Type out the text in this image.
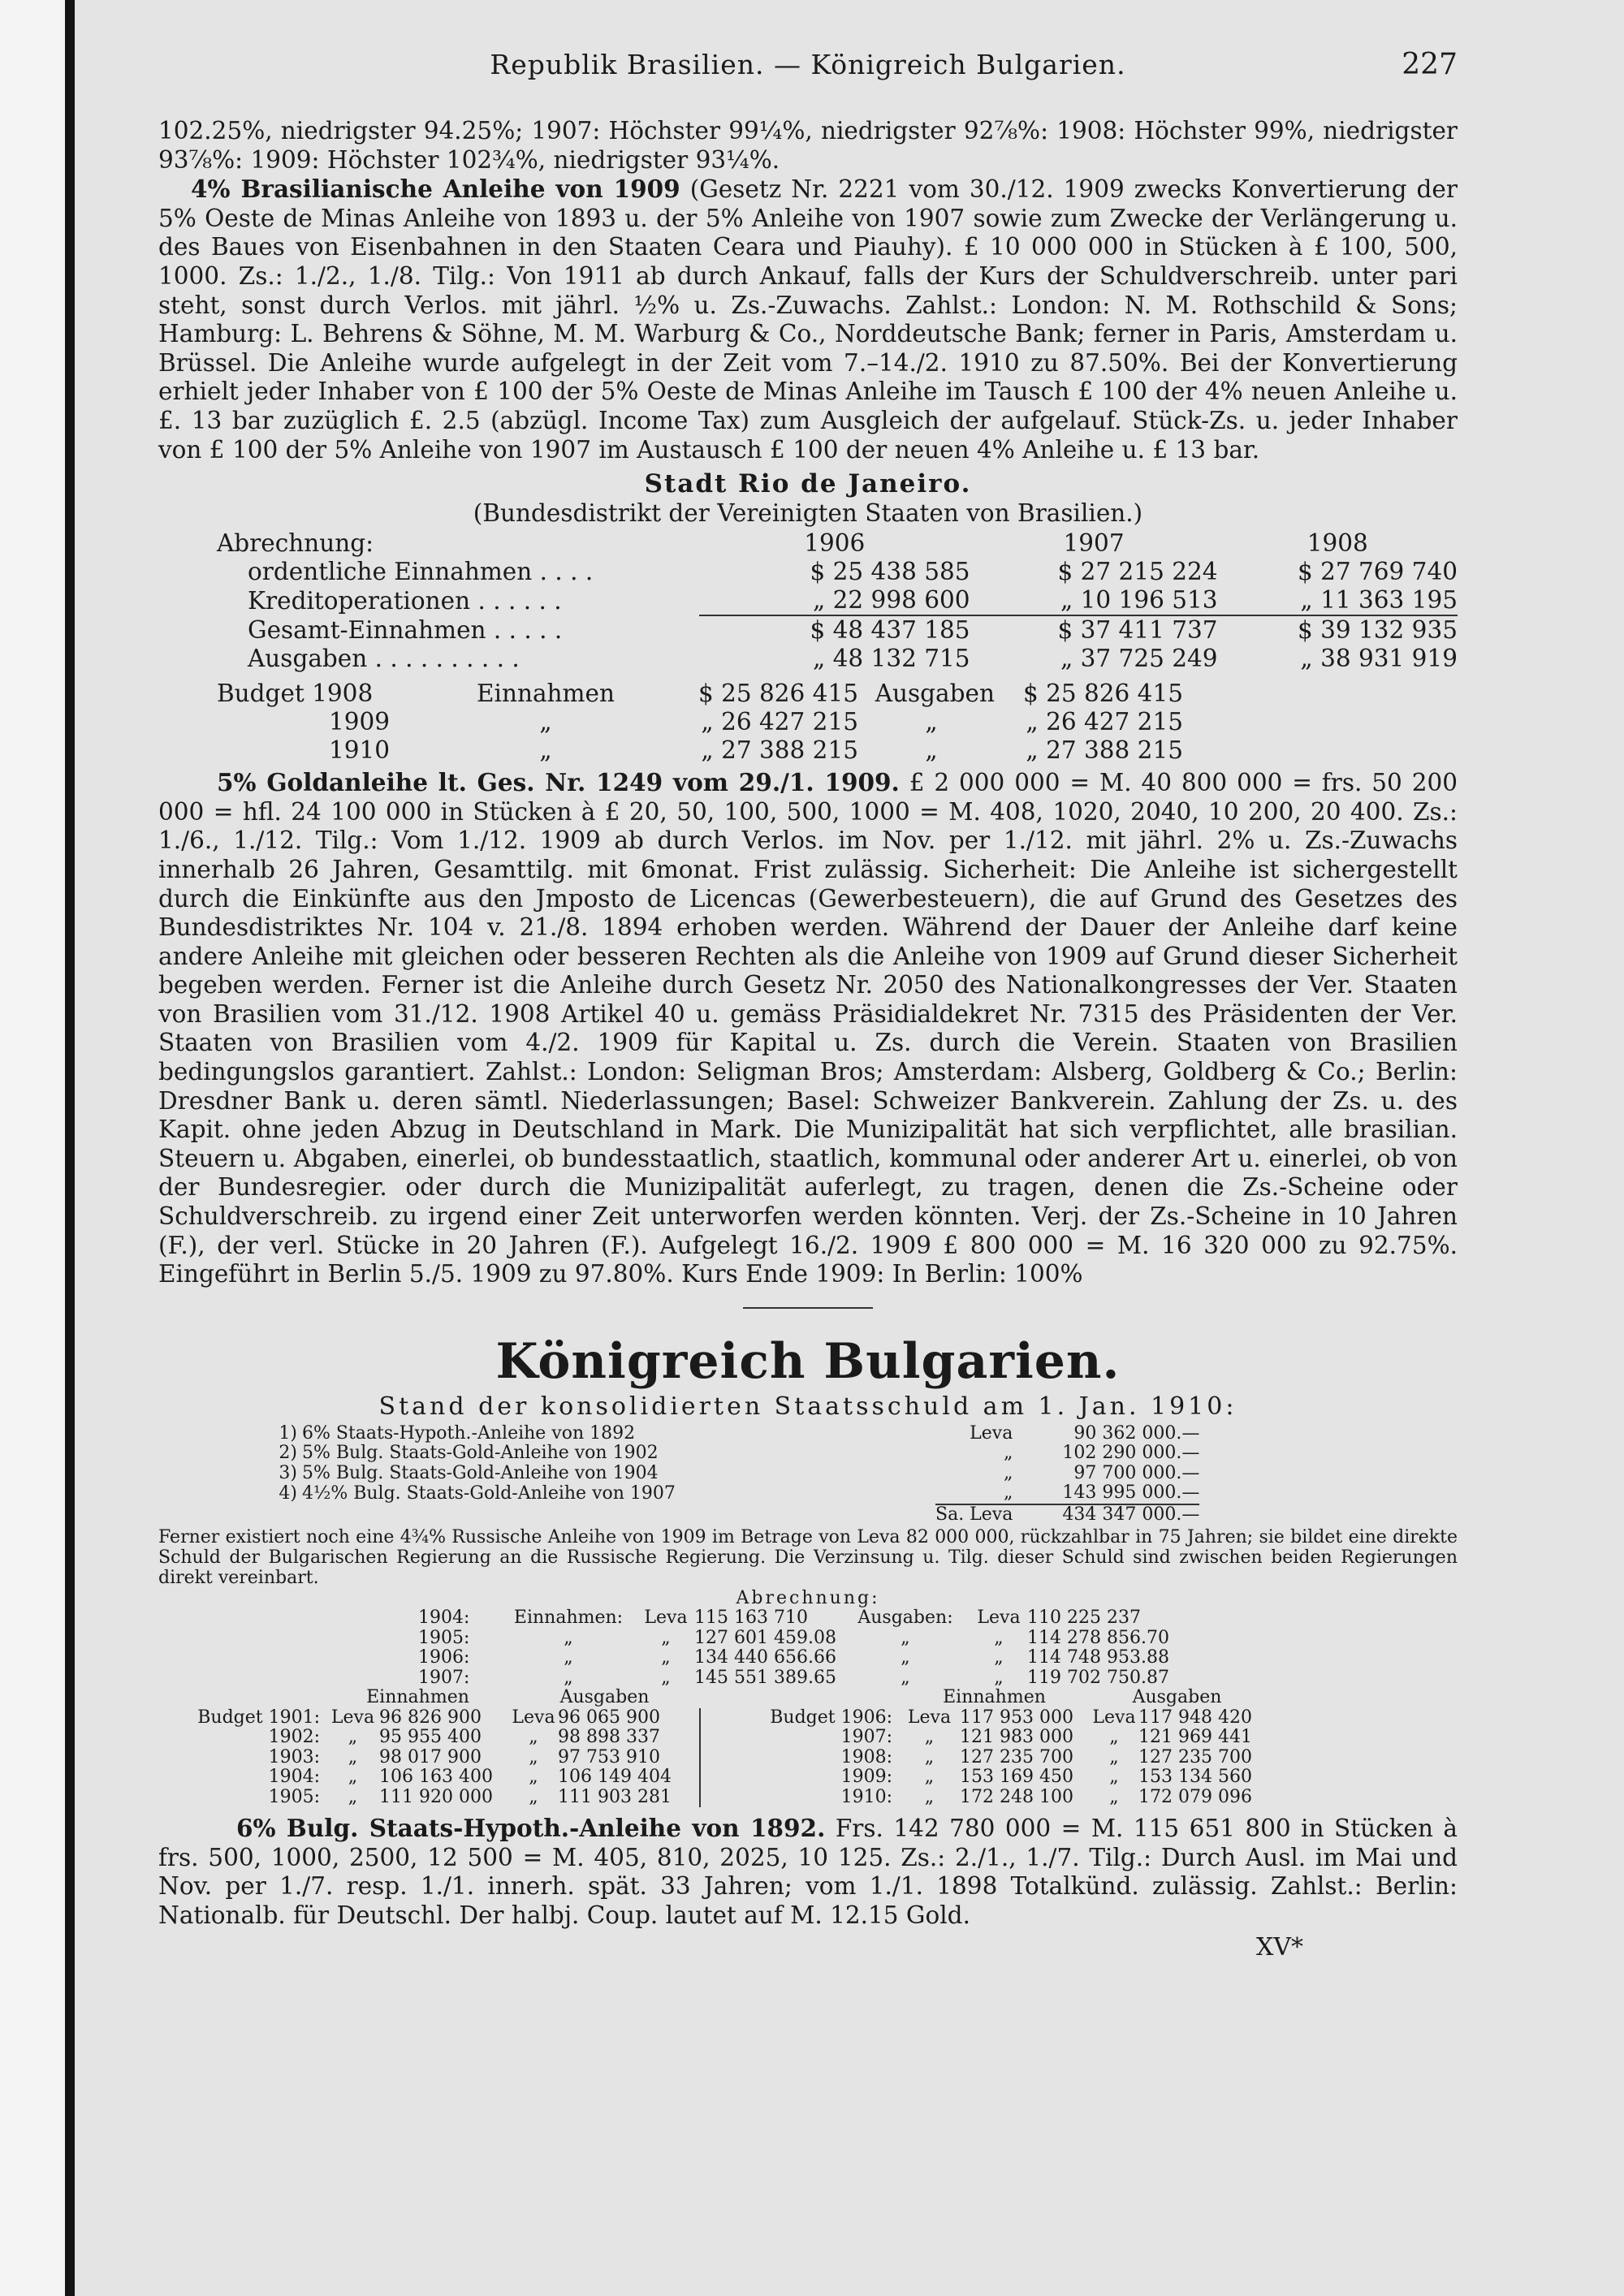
Republik Brasilien. — Königreich Bulgarien.	227

102.25%, niedrigster 94.25%; 1907: Höchster 99¼%, niedrigster 92⅞%: 1908: Höchster 99%, niedrigster 93⅞%: 1909: Höchster 102¾%, niedrigster 93¼%.

4% Brasilianische Anleihe von 1909 (Gesetz Nr. 2221 vom 30./12. 1909 zwecks Konvertierung der 5% Oeste de Minas Anleihe von 1893 u. der 5% Anleihe von 1907 sowie zum Zwecke der Verlängerung u. des Baues von Eisenbahnen in den Staaten Ceara und Piauhy). £ 10 000 000 in Stücken à £ 100, 500, 1000. Zs.: 1./2., 1./8. Tilg.: Von 1911 ab durch Ankauf, falls der Kurs der Schuldverschreib. unter pari steht, sonst durch Verlos. mit jährl. ½% u. Zs.-Zuwachs. Zahlst.: London: N. M. Rothschild & Sons; Hamburg: L. Behrens & Söhne, M. M. Warburg & Co., Norddeutsche Bank; ferner in Paris, Amsterdam u. Brüssel. Die Anleihe wurde aufgelegt in der Zeit vom 7.–14./2. 1910 zu 87.50%. Bei der Konvertierung erhielt jeder Inhaber von £ 100 der 5% Oeste de Minas Anleihe im Tausch £ 100 der 4% neuen Anleihe u. £. 13 bar zuzüglich £. 2.5 (abzügl. Income Tax) zum Ausgleich der aufgelauf. Stück-Zs. u. jeder Inhaber von £ 100 der 5% Anleihe von 1907 im Austausch £ 100 der neuen 4% Anleihe u. £ 13 bar.

Stadt Rio de Janeiro.
(Bundesdistrikt der Vereinigten Staaten von Brasilien.)
Abrechnung:	1906	1907	1908
ordentliche Einnahmen . . . .	$ 25 438 585	$ 27 215 224	$ 27 769 740
Kreditoperationen . . . . . .	„ 22 998 600	„ 10 196 513	„ 11 363 195
Gesamt-Einnahmen . . . . .	$ 48 437 185	$ 37 411 737	$ 39 132 935
Ausgaben . . . . . . . . . .	„ 48 132 715	„ 37 725 249	„ 38 931 919
Budget 1908	Einnahmen	$ 25 826 415	Ausgaben	$ 25 826 415
1909	„	„ 26 427 215	„	„ 26 427 215
1910	„	„ 27 388 215	„	„ 27 388 215

5% Goldanleihe lt. Ges. Nr. 1249 vom 29./1. 1909. £ 2 000 000 = M. 40 800 000 = frs. 50 200 000 = hfl. 24 100 000 in Stücken à £ 20, 50, 100, 500, 1000 = M. 408, 1020, 2040, 10 200, 20 400. Zs.: 1./6., 1./12. Tilg.: Vom 1./12. 1909 ab durch Verlos. im Nov. per 1./12. mit jährl. 2% u. Zs.-Zuwachs innerhalb 26 Jahren, Gesamttilg. mit 6monat. Frist zulässig. Sicherheit: Die Anleihe ist sichergestellt durch die Einkünfte aus den Jmposto de Licencas (Gewerbesteuern), die auf Grund des Gesetzes des Bundesdistriktes Nr. 104 v. 21./8. 1894 erhoben werden. Während der Dauer der Anleihe darf keine andere Anleihe mit gleichen oder besseren Rechten als die Anleihe von 1909 auf Grund dieser Sicherheit begeben werden. Ferner ist die Anleihe durch Gesetz Nr. 2050 des Nationalkongresses der Ver. Staaten von Brasilien vom 31./12. 1908 Artikel 40 u. gemäss Präsidialdekret Nr. 7315 des Präsidenten der Ver. Staaten von Brasilien vom 4./2. 1909 für Kapital u. Zs. durch die Verein. Staaten von Brasilien bedingungslos garantiert. Zahlst.: London: Seligman Bros; Amsterdam: Alsberg, Goldberg & Co.; Berlin: Dresdner Bank u. deren sämtl. Niederlassungen; Basel: Schweizer Bankverein. Zahlung der Zs. u. des Kapit. ohne jeden Abzug in Deutschland in Mark. Die Munizipalität hat sich verpflichtet, alle brasilian. Steuern u. Abgaben, einerlei, ob bundesstaatlich, staatlich, kommunal oder anderer Art u. einerlei, ob von der Bundesregier. oder durch die Munizipalität auferlegt, zu tragen, denen die Zs.-Scheine oder Schuldverschreib. zu irgend einer Zeit unterworfen werden könnten. Verj. der Zs.-Scheine in 10 Jahren (F.), der verl. Stücke in 20 Jahren (F.). Aufgelegt 16./2. 1909 £ 800 000 = M. 16 320 000 zu 92.75%. Eingeführt in Berlin 5./5. 1909 zu 97.80%. Kurs Ende 1909: In Berlin: 100%

Königreich Bulgarien.
Stand der konsolidierten Staatsschuld am 1. Jan. 1910:
1)	6% Staats-Hypoth.-Anleihe von 1892	Leva	90 362 000.—
2)	5% Bulg. Staats-Gold-Anleihe von 1902	„	102 290 000.—
3)	5% Bulg. Staats-Gold-Anleihe von 1904	„	97 700 000.—
4)	4½% Bulg. Staats-Gold-Anleihe von 1907	„	143 995 000.—
		Sa. Leva	434 347 000.—

Ferner existiert noch eine 4¾% Russische Anleihe von 1909 im Betrage von Leva 82 000 000, rückzahlbar in 75 Jahren; sie bildet eine direkte Schuld der Bulgarischen Regierung an die Russische Regierung. Die Verzinsung u. Tilg. dieser Schuld sind zwischen beiden Regierungen direkt vereinbart.

Abrechnung:
1904:	Einnahmen:	Leva	115 163 710	Ausgaben:	Leva	110 225 237
1905:	„	„	127 601 459.08	„	„	114 278 856.70
1906:	„	„	134 440 656.66	„	„	114 748 953.88
1907:	„	„	145 551 389.65	„	„	119 702 750.87
	Einnahmen		Ausgaben			Einnahmen		Ausgaben	
Budget 1901:	Leva	96 826 900	Leva	96 065 900	Budget 1906:	Leva	117 953 000	Leva	117 948 420
1902:	„	95 955 400	„	98 898 337	1907:	„	121 983 000	„	121 969 441
1903:	„	98 017 900	„	97 753 910	1908:	„	127 235 700	„	127 235 700
1904:	„	106 163 400	„	106 149 404	1909:	„	153 169 450	„	153 134 560
1905:	„	111 920 000	„	111 903 281	1910:	„	172 248 100	„	172 079 096

6% Bulg. Staats-Hypoth.-Anleihe von 1892. Frs. 142 780 000 = M. 115 651 800 in Stücken à frs. 500, 1000, 2500, 12 500 = M. 405, 810, 2025, 10 125. Zs.: 2./1., 1./7. Tilg.: Durch Ausl. im Mai und Nov. per 1./7. resp. 1./1. innerh. spät. 33 Jahren; vom 1./1. 1898 Totalkünd. zulässig. Zahlst.: Berlin: Nationalb. für Deutschl. Der halbj. Coup. lautet auf M. 12.15 Gold.

XV*
